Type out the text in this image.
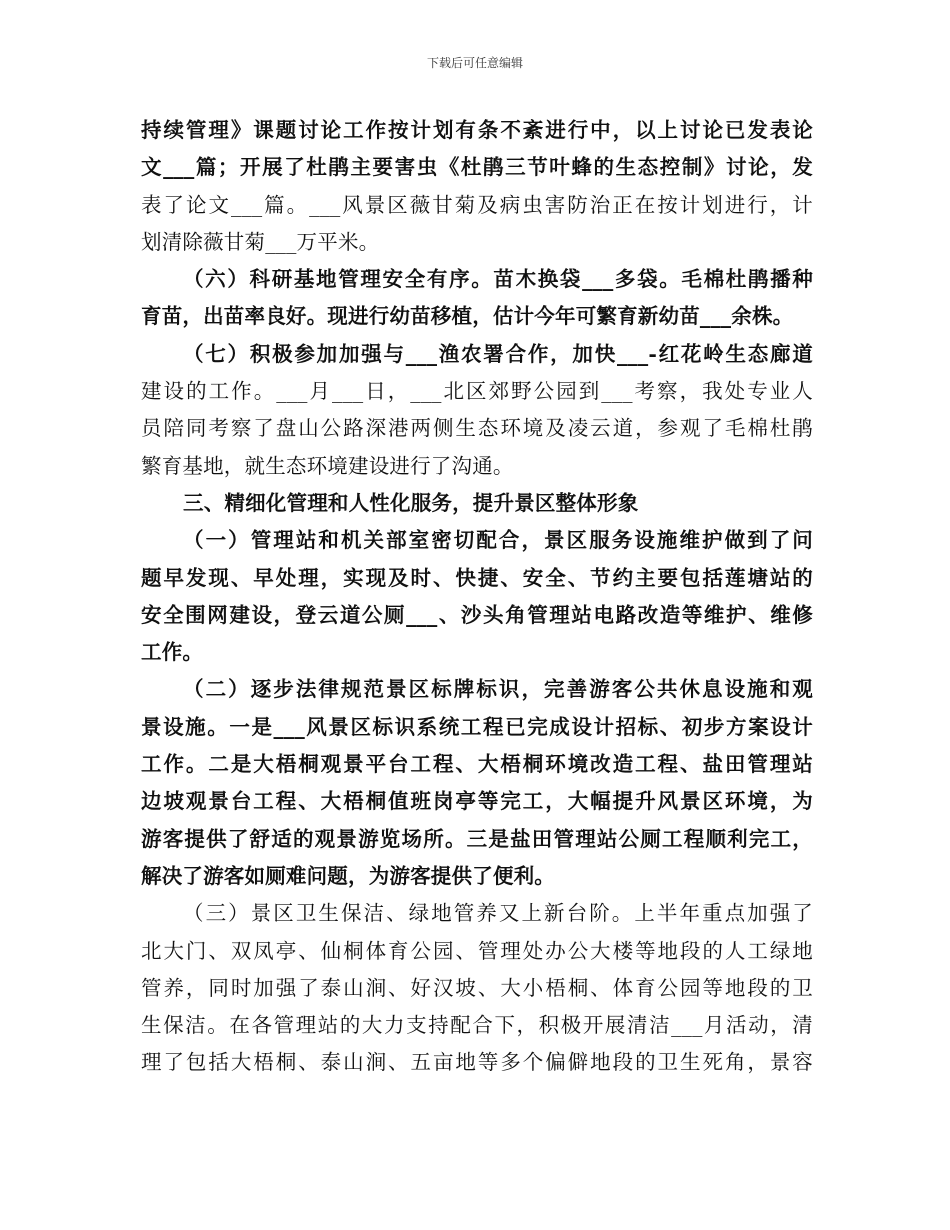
下载后可任意编辑
持续管理》课题讨论工作按计划有条不紊进行中，以上讨论已发表论
文___篇；开展了杜鹃主要害虫《杜鹃三节叶蜂的生态控制》讨论，发
表了论文___篇。___风景区薇甘菊及病虫害防治正在按计划进行，计
划清除薇甘菊___万平米。
（六）科研基地管理安全有序。苗木换袋___多袋。毛棉杜鹃播种
育苗，出苗率良好。现进行幼苗移植，估计今年可繁育新幼苗___余株。
（七）积极参加加强与___渔农署合作，加快___-红花岭生态廊道
建设的工作。___月___日，___北区郊野公园到___考察，我处专业人
员陪同考察了盘山公路深港两侧生态环境及凌云道，参观了毛棉杜鹃
繁育基地，就生态环境建设进行了沟通。
三、精细化管理和人性化服务，提升景区整体形象
（一）管理站和机关部室密切配合，景区服务设施维护做到了问
题早发现、早处理，实现及时、快捷、安全、节约主要包括莲塘站的
安全围网建设，登云道公厕___、沙头角管理站电路改造等维护、维修
工作。
（二）逐步法律规范景区标牌标识，完善游客公共休息设施和观
景设施。一是___风景区标识系统工程已完成设计招标、初步方案设计
工作。二是大梧桐观景平台工程、大梧桐环境改造工程、盐田管理站
边坡观景台工程、大梧桐值班岗亭等完工，大幅提升风景区环境，为
游客提供了舒适的观景游览场所。三是盐田管理站公厕工程顺利完工，
解决了游客如厕难问题，为游客提供了便利。
（三）景区卫生保洁、绿地管养又上新台阶。上半年重点加强了
北大门、双凤亭、仙桐体育公园、管理处办公大楼等地段的人工绿地
管养，同时加强了泰山涧、好汉坡、大小梧桐、体育公园等地段的卫
生保洁。在各管理站的大力支持配合下，积极开展清洁___月活动，清
理了包括大梧桐、泰山涧、五亩地等多个偏僻地段的卫生死角，景容
